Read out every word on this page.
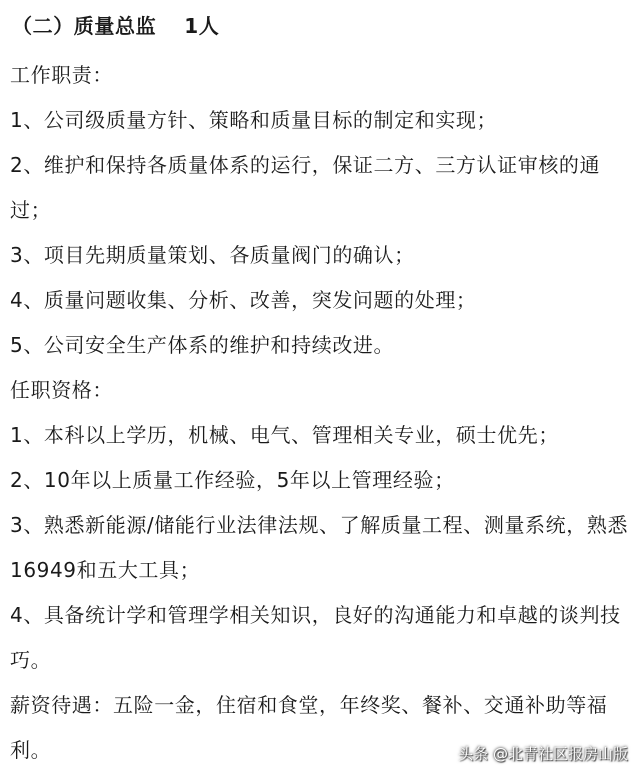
（二）质量总监 1人
工作职责：
1、公司级质量方针、策略和质量目标的制定和实现；
2、维护和保持各质量体系的运行，保证二方、三方认证审核的通
过；
3、项目先期质量策划、各质量阀门的确认；
4、质量问题收集、分析、改善，突发问题的处理；
5、公司安全生产体系的维护和持续改进。
任职资格：
1、本科以上学历，机械、电气、管理相关专业，硕士优先；
2、10年以上质量工作经验，5年以上管理经验；
3、熟悉新能源/储能行业法律法规、了解质量工程、测量系统，熟悉
16949和五大工具；
4、具备统计学和管理学相关知识，良好的沟通能力和卓越的谈判技
巧。
薪资待遇：五险一金，住宿和食堂，年终奖、餐补、交通补助等福
利。	头条 @北青社区报房山版
